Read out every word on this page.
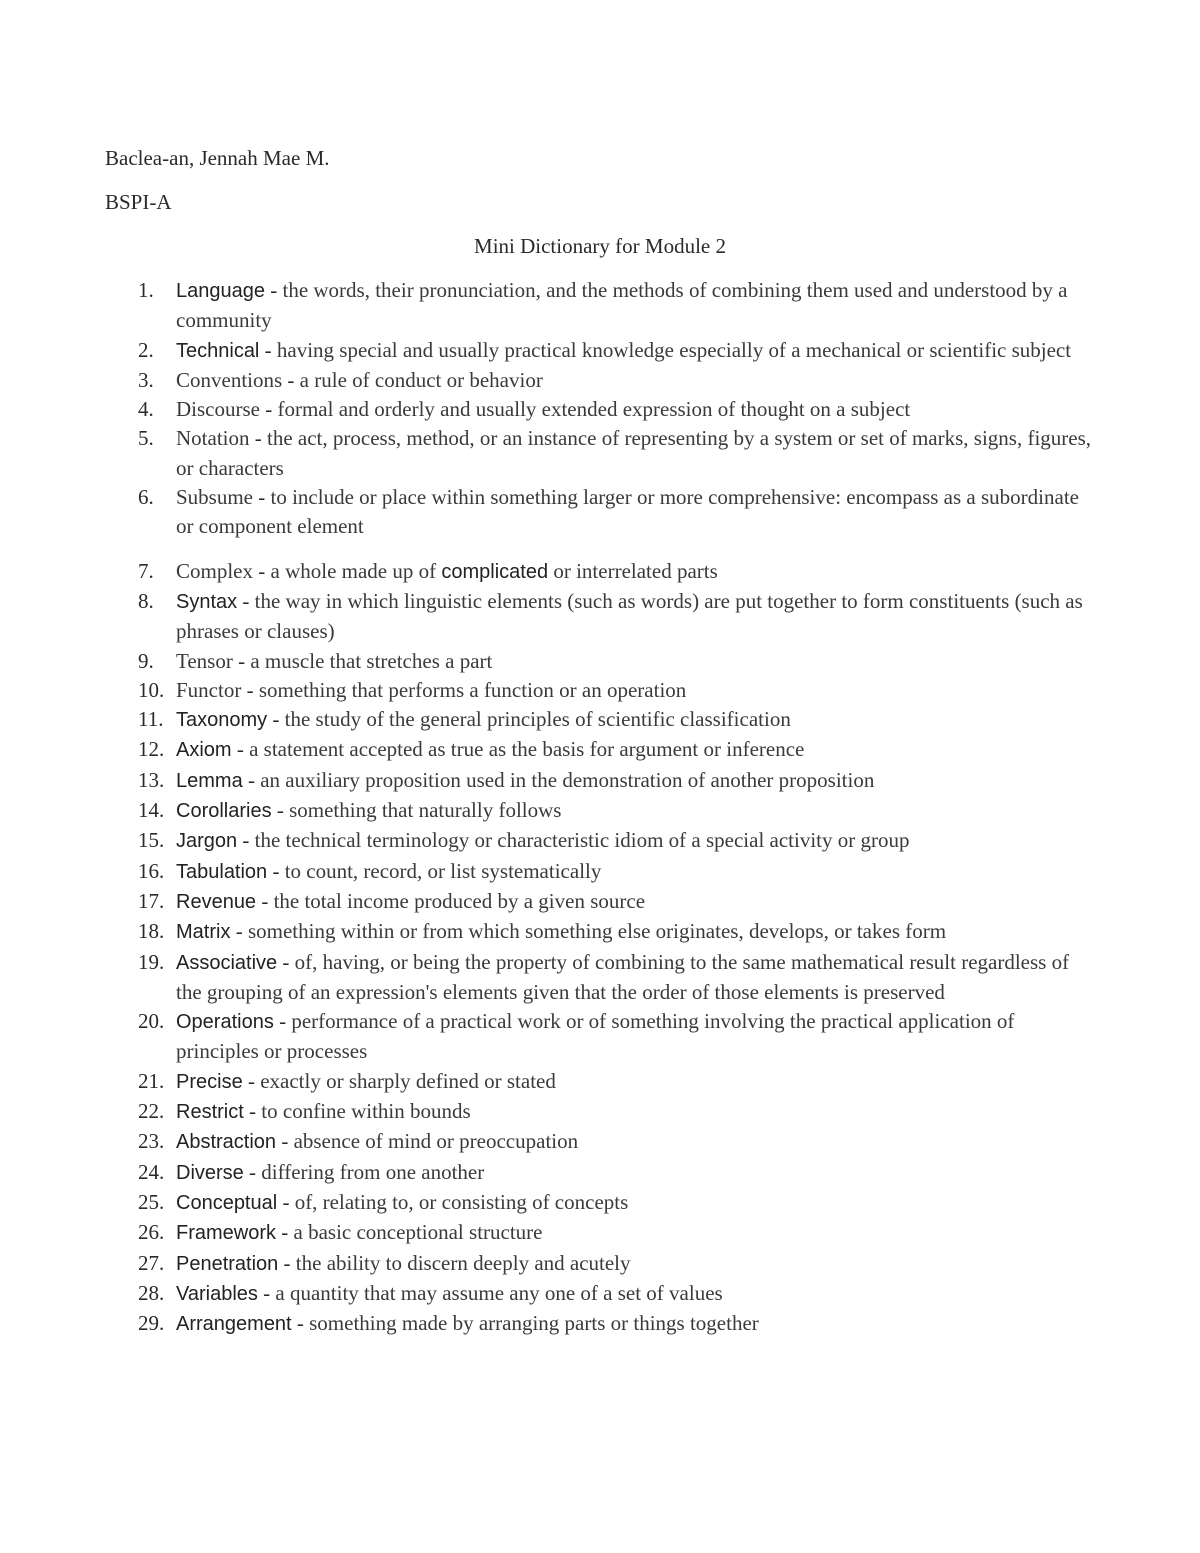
Baclea-an, Jennah Mae M.

BSPI-A

Mini Dictionary for Module 2
1.	Language - the words, their pronunciation, and the methods of combining them used and understood by a community
2.	Technical - having special and usually practical knowledge especially of a mechanical or scientific subject
3.	Conventions - a rule of conduct or behavior
4.	Discourse - formal and orderly and usually extended expression of thought on a subject
5.	Notation - the act, process, method, or an instance of representing by a system or set of marks, signs, figures, or characters
6.	Subsume - to include or place within something larger or more comprehensive: encompass as a subordinate or component element
7.	Complex - a whole made up of complicated or interrelated parts
8.	Syntax - the way in which linguistic elements (such as words) are put together to form constituents (such as phrases or clauses)
9.	Tensor - a muscle that stretches a part
10. Functor - something that performs a function or an operation
11. Taxonomy - the study of the general principles of scientific classification
12. Axiom - a statement accepted as true as the basis for argument or inference
13. Lemma - an auxiliary proposition used in the demonstration of another proposition
14. Corollaries - something that naturally follows
15. Jargon - the technical terminology or characteristic idiom of a special activity or group
16. Tabulation - to count, record, or list systematically
17. Revenue - the total income produced by a given source
18. Matrix - something within or from which something else originates, develops, or takes form
19. Associative - of, having, or being the property of combining to the same mathematical result regardless of the grouping of an expression's elements given that the order of those elements is preserved
20. Operations - performance of a practical work or of something involving the practical application of principles or processes
21. Precise - exactly or sharply defined or stated
22. Restrict - to confine within bounds
23. Abstraction - absence of mind or preoccupation
24. Diverse - differing from one another
25. Conceptual - of, relating to, or consisting of concepts
26. Framework - a basic conceptional structure
27. Penetration - the ability to discern deeply and acutely
28. Variables - a quantity that may assume any one of a set of values
29. Arrangement - something made by arranging parts or things together
